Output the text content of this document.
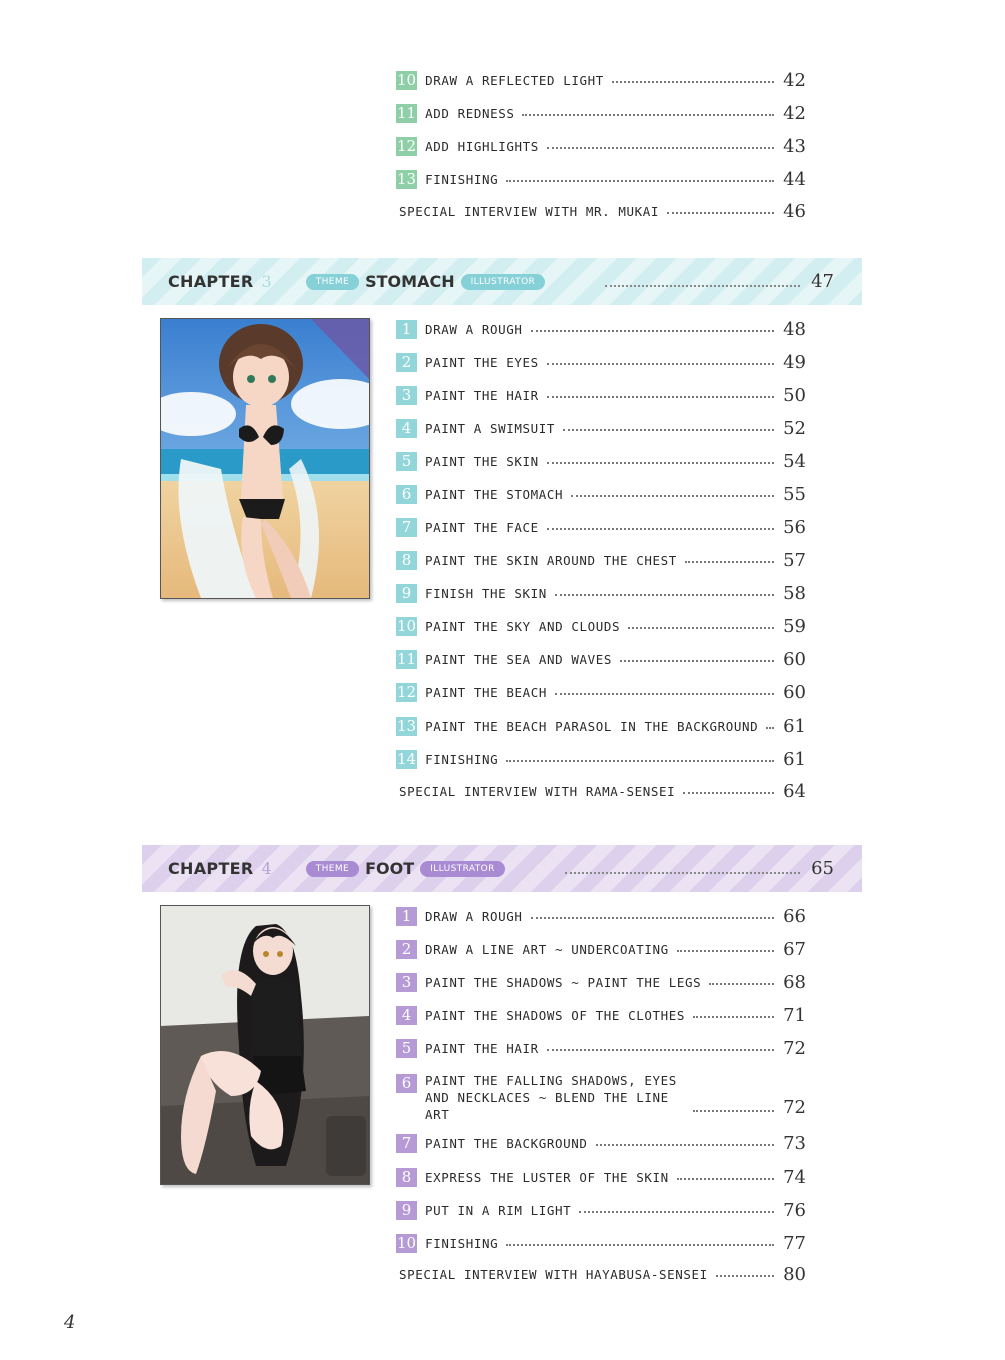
10 DRAW A REFLECTED LIGHT	42
11 ADD REDNESS	42
12 ADD HIGHLIGHTS	43
13 FINISHING	44
SPECIAL INTERVIEW WITH MR. MUKAI	46
CHAPTER 3	THEME	STOMACH	ILLUSTRATOR	47
1	DRAW A ROUGH	48
2	PAINT THE EYES	49
3	PAINT THE HAIR	50
4	PAINT A SWIMSUIT	52
5	PAINT THE SKIN	54
6	PAINT THE STOMACH	55
7	PAINT THE FACE	56
8	PAINT THE SKIN AROUND THE CHEST	57
9	FINISH THE SKIN	58
10 PAINT THE SKY AND CLOUDS	59
11 PAINT THE SEA AND WAVES	60
12 PAINT THE BEACH	60
13 PAINT THE BEACH PARASOL IN THE BACKGROUND 61
14 FINISHING	61
SPECIAL INTERVIEW WITH RAMA-SENSEI	64
CHAPTER 4	THEME	FOOT	ILLUSTRATOR	65
1	DRAW A ROUGH	66
2	DRAW A LINE ART ~ UNDERCOATING	67
3	PAINT THE SHADOWS ~ PAINT THE LEGS	68
4	PAINT THE SHADOWS OF THE CLOTHES	71
5	PAINT THE HAIR	72
6	PAINT THE FALLING SHADOWS, EYES AND NECKLACES ~ BLEND THE LINE ART	72
7	PAINT THE BACKGROUND	73
8	EXPRESS THE LUSTER OF THE SKIN	74
9	PUT IN A RIM LIGHT	76
10 FINISHING	77
SPECIAL INTERVIEW WITH HAYABUSA-SENSEI	80
4
